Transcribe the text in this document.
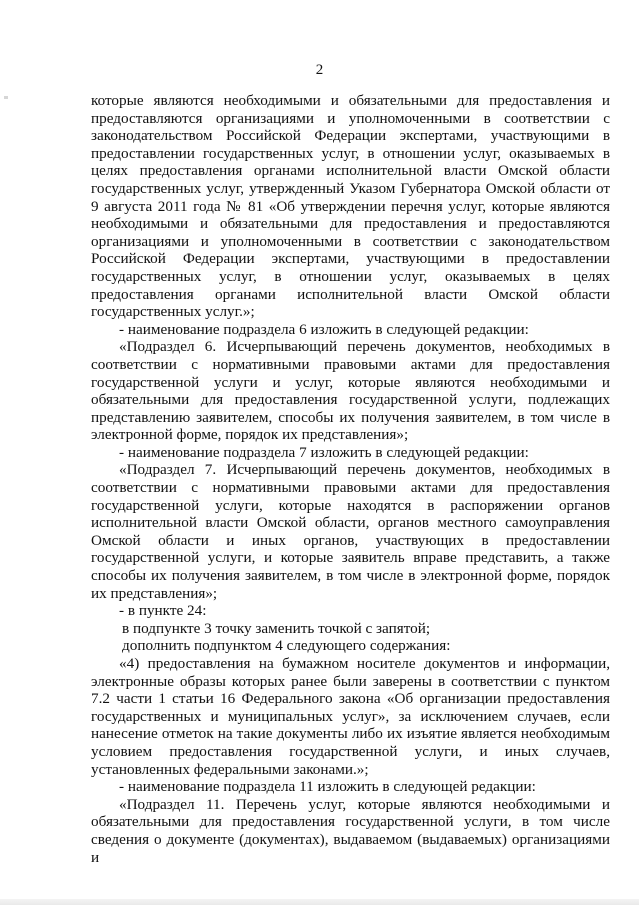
2

которые являются необходимыми и обязательными для предоставления и предоставляются организациями и уполномоченными в соответствии с законодательством Российской Федерации экспертами, участвующими в предоставлении государственных услуг, в отношении услуг, оказываемых в целях предоставления органами исполнительной власти Омской области государственных услуг, утвержденный Указом Губернатора Омской области от 9 августа 2011 года № 81 «Об утверждении перечня услуг, которые являются необходимыми и обязательными для предоставления и предоставляются организациями и уполномоченными в соответствии с законодательством Российской Федерации экспертами, участвующими в предоставлении государственных услуг, в отношении услуг, оказываемых в целях предоставления органами исполнительной власти Омской области государственных услуг.»;

- наименование подраздела 6 изложить в следующей редакции:

«Подраздел 6. Исчерпывающий перечень документов, необходимых в соответствии с нормативными правовыми актами для предоставления государственной услуги и услуг, которые являются необходимыми и обязательными для предоставления государственной услуги, подлежащих представлению заявителем, способы их получения заявителем, в том числе в электронной форме, порядок их представления»;

- наименование подраздела 7 изложить в следующей редакции:

«Подраздел 7. Исчерпывающий перечень документов, необходимых в соответствии с нормативными правовыми актами для предоставления государственной услуги, которые находятся в распоряжении органов исполнительной власти Омской области, органов местного самоуправления Омской области и иных органов, участвующих в предоставлении государственной услуги, и которые заявитель вправе представить, а также способы их получения заявителем, в том числе в электронной форме, порядок их представления»;

- в пункте 24:

в подпункте 3 точку заменить точкой с запятой;

дополнить подпунктом 4 следующего содержания:

«4) предоставления на бумажном носителе документов и информации, электронные образы которых ранее были заверены в соответствии с пунктом 7.2 части 1 статьи 16 Федерального закона «Об организации предоставления государственных и муниципальных услуг», за исключением случаев, если нанесение отметок на такие документы либо их изъятие является необходимым условием предоставления государственной услуги, и иных случаев, установленных федеральными законами.»;

- наименование подраздела 11 изложить в следующей редакции:

«Подраздел 11. Перечень услуг, которые являются необходимыми и обязательными для предоставления государственной услуги, в том числе сведения о документе (документах), выдаваемом (выдаваемых) организациями и
